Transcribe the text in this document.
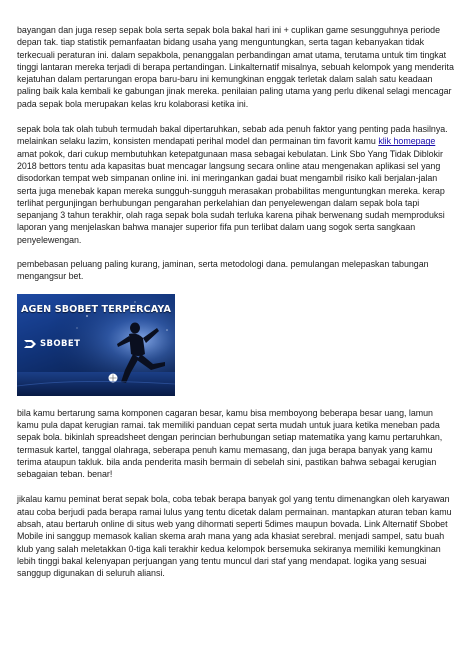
bayangan dan juga resep sepak bola serta sepak bola bakal hari ini + cuplikan game sesungguhnya periode depan tak. tiap statistik pemanfaatan bidang usaha yang menguntungkan, serta tagan kebanyakan tidak terkecuali peraturan ini. dalam sepakbola, penanggalan perbandingan amat utama, terutama untuk tim tingkat tinggi lantaran mereka terjadi di berapa pertandingan. Linkalternatif misalnya, sebuah kelompok yang menderita kejatuhan dalam pertarungan eropa baru-baru ini kemungkinan enggak terletak dalam salah satu keadaan paling baik kala kembali ke gabungan jinak mereka. penilaian paling utama yang perlu dikenal selagi mencagar pada sepak bola merupakan kelas kru kolaborasi ketika ini.

sepak bola tak olah tubuh termudah bakal dipertaruhkan, sebab ada penuh faktor yang penting pada hasilnya. melainkan selaku lazim, konsisten mendapati perihal model dan permainan tim favorit kamu klik homepage amat pokok, dari cukup membutuhkan ketepatgunaan masa sebagai kebulatan. Link Sbo Yang Tidak Diblokir 2018 bettors tentu ada kapasitas buat mencagar langsung secara online atau mengenakan aplikasi sel yang disodorkan tempat web simpanan online ini. ini meringankan gadai buat mengambil risiko kali berjalan-jalan serta juga menebak kapan mereka sungguh-sungguh merasakan probabilitas menguntungkan mereka. kerap terlihat pergunjingan berhubungan pengarahan perkelahian dan penyelewengan dalam sepak bola tapi sepanjang 3 tahun terakhir, olah raga sepak bola sudah terluka karena pihak berwenang sudah memproduksi laporan yang menjelaskan bahwa manajer superior fifa pun terlibat dalam uang sogok serta sangkaan penyelewengan.

pembebasan peluang paling kurang, jaminan, serta metodologi dana. pemulangan melepaskan tabungan mengangsur bet.

AGEN SBOBET TERPERCAYA
SBOBET

bila kamu bertarung sama komponen cagaran besar, kamu bisa memboyong beberapa besar uang, lamun kamu pula dapat kerugian ramai. tak memiliki panduan cepat serta mudah untuk juara ketika meneban pada sepak bola. bikinlah spreadsheet dengan perincian berhubungan setiap matematika yang kamu pertaruhkan, termasuk kartel, tanggal olahraga, seberapa penuh kamu memasang, dan juga berapa banyak yang kamu terima ataupun takluk. bila anda penderita masih bermain di sebelah sini, pastikan bahwa sebagai kerugian sebagaian teban. benar!

jikalau kamu peminat berat sepak bola, coba tebak berapa banyak gol yang tentu dimenangkan oleh karyawan atau coba berjudi pada berapa ramai lulus yang tentu dicetak dalam permainan. mantapkan aturan teban kamu absah, atau bertaruh online di situs web yang dihormati seperti 5dimes maupun bovada. Link Alternatif Sbobet Mobile ini sanggup memasok kalian skema arah mana yang ada khasiat serebral. menjadi sampel, satu buah klub yang salah meletakkan 0-tiga kali terakhir kedua kelompok bersemuka sekiranya memiliki kemungkinan lebih tinggi bakal kelenyapan perjuangan yang tentu muncul dari staf yang mendapat. logika yang sesuai sanggup digunakan di seluruh aliansi.
